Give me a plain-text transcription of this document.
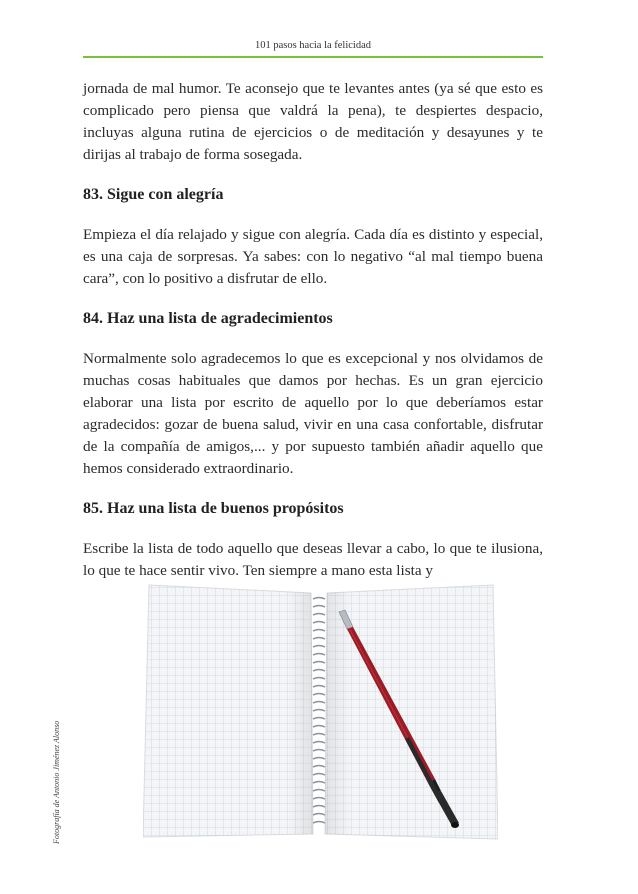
101 pasos hacia la felicidad

jornada de mal humor. Te aconsejo que te levantes antes (ya sé que esto es complicado pero piensa que valdrá la pena), te despiertes despacio, incluyas alguna rutina de ejercicios o de meditación y desayunes y te dirijas al trabajo de forma sosegada.

83. Sigue con alegría

Empieza el día relajado y sigue con alegría. Cada día es distinto y especial, es una caja de sorpresas. Ya sabes: con lo negativo “al mal tiempo buena cara”, con lo positivo a disfrutar de ello.

84. Haz una lista de agradecimientos

Normalmente solo agradecemos lo que es excepcional y nos olvidamos de muchas cosas habituales que damos por hechas. Es un gran ejercicio elaborar una lista por escrito de aquello por lo que deberíamos estar agradecidos: gozar de buena salud, vivir en una casa confortable, disfrutar de la compañía de amigos,... y por supuesto también añadir aquello que hemos considerado extraordinario.

85. Haz una lista de buenos propósitos

Escribe la lista de todo aquello que deseas llevar a cabo, lo que te ilusiona, lo que te hace sentir vivo. Ten siempre a mano esta lista y

Fotografía de Antonio Jiménez Alonso
